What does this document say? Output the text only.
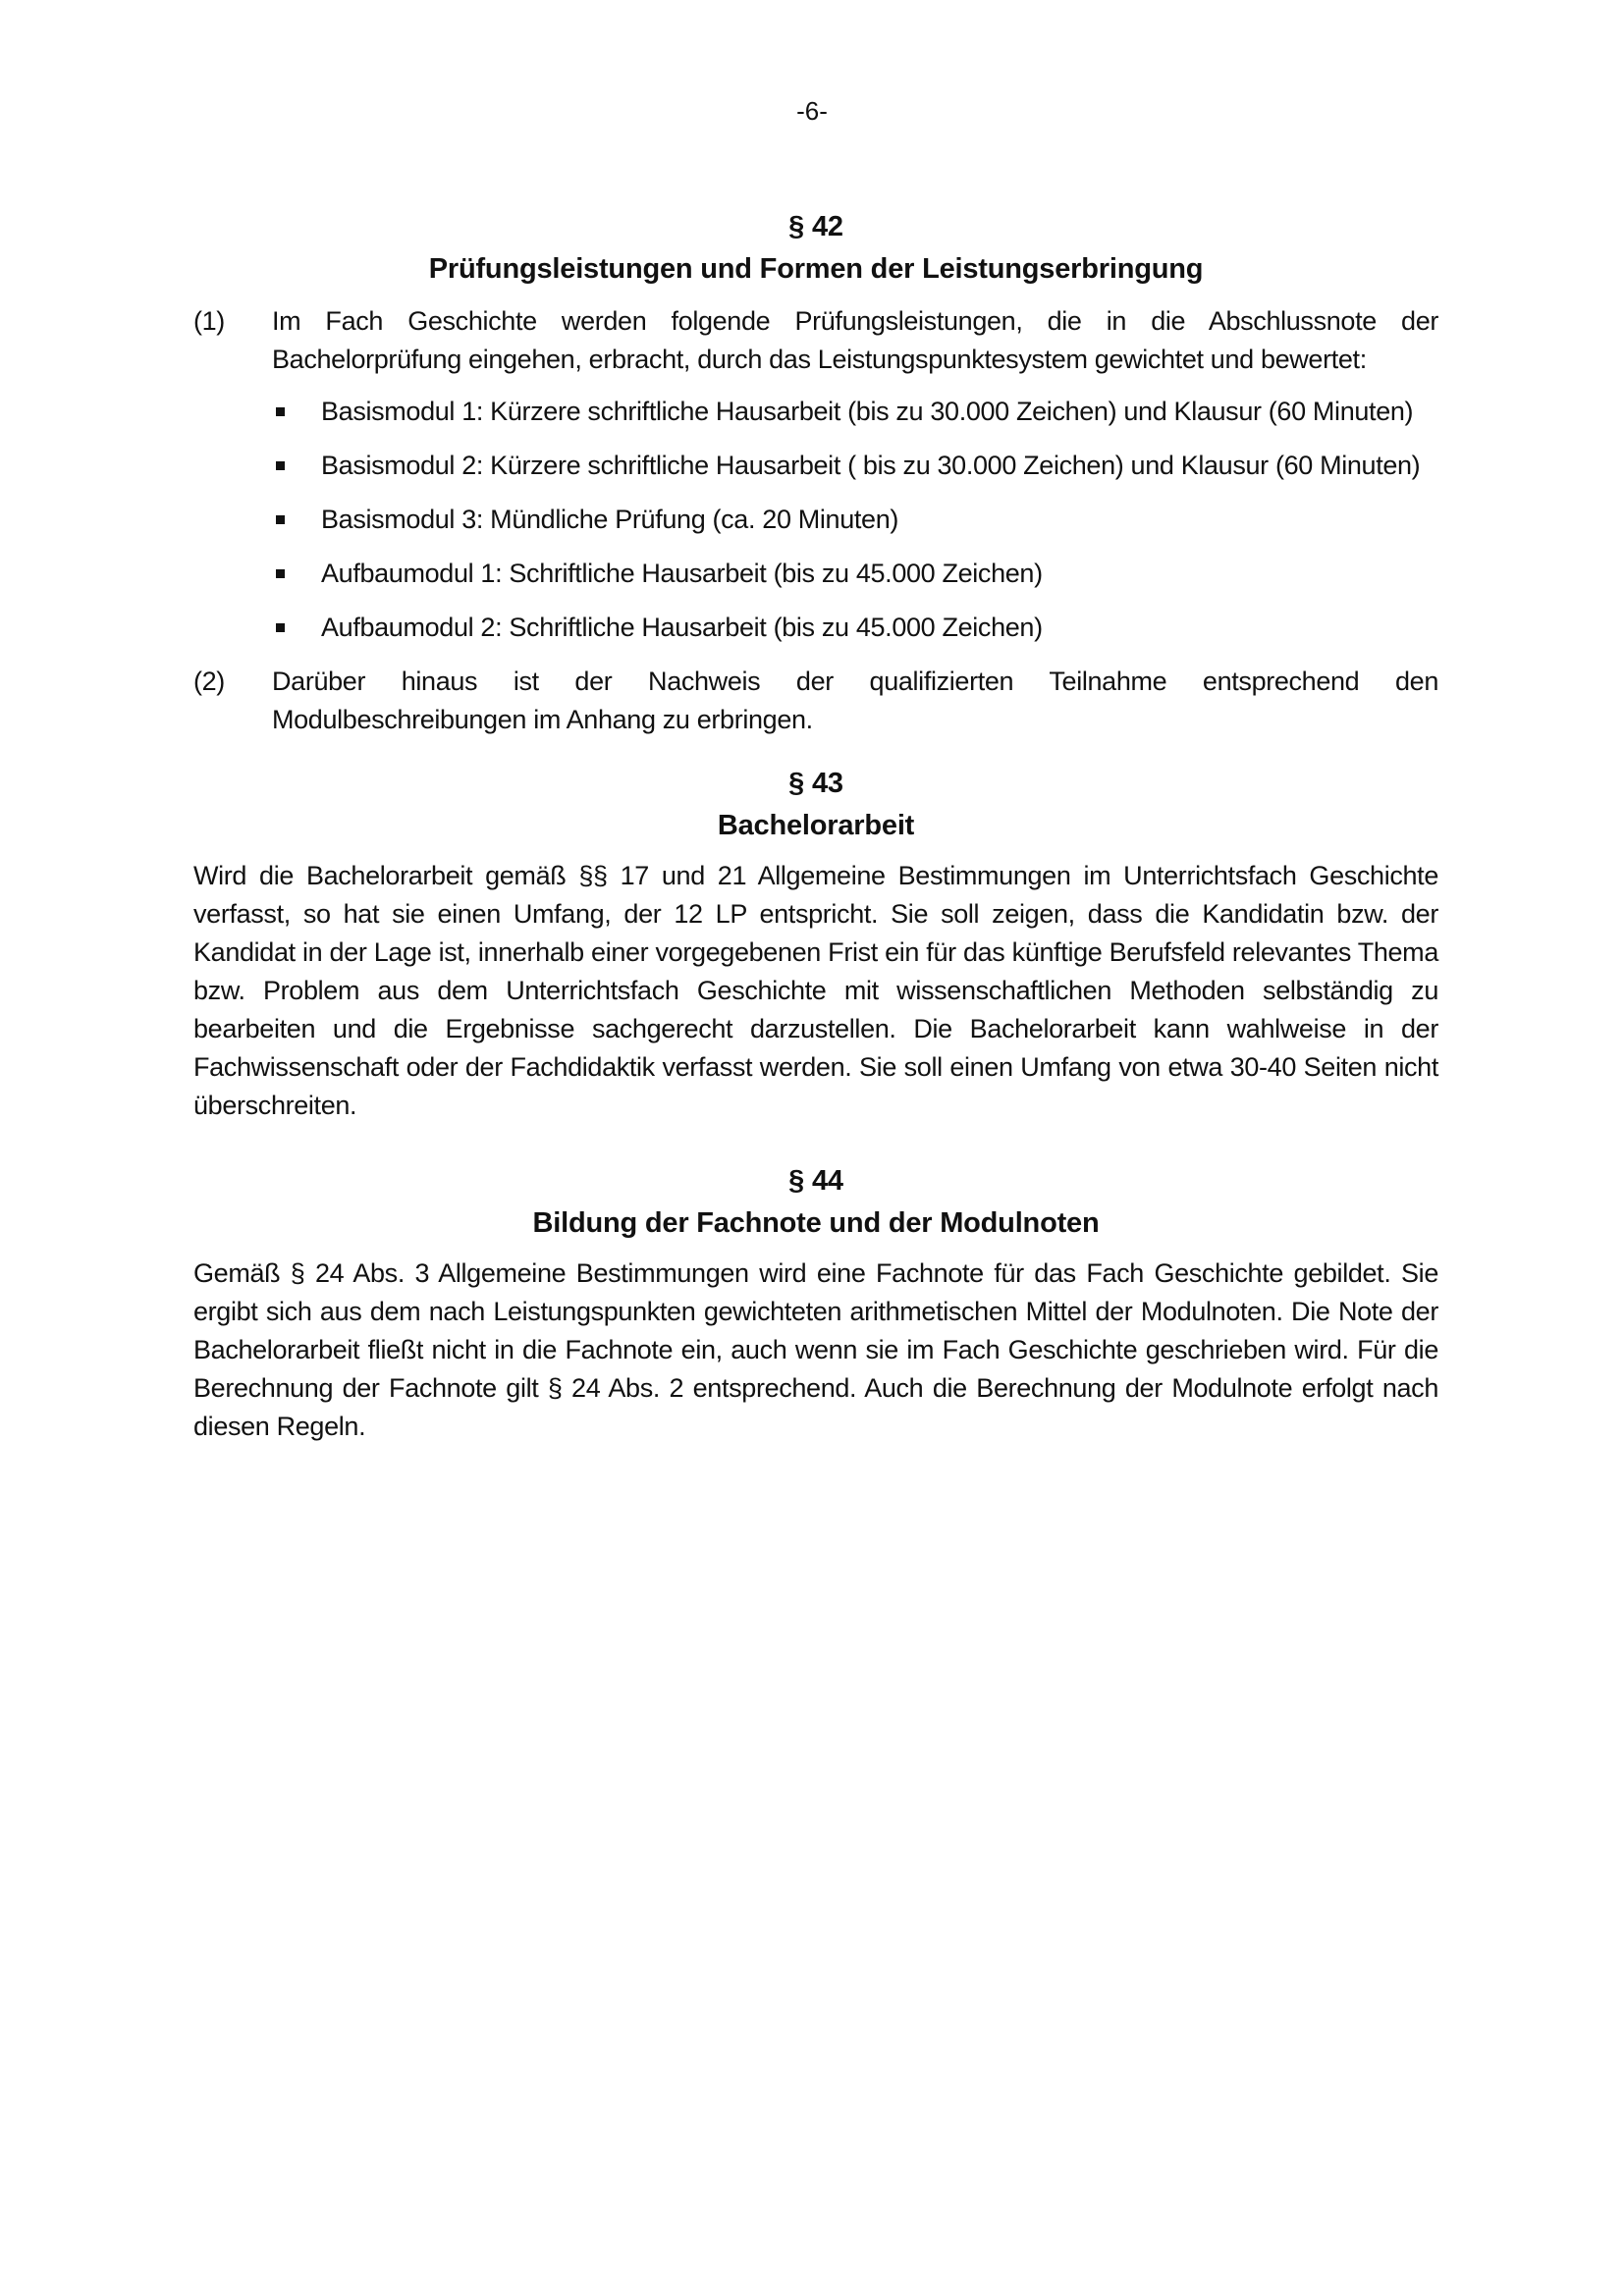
-6-
§ 42
Prüfungsleistungen und Formen der Leistungserbringung
(1)	Im Fach Geschichte werden folgende Prüfungsleistungen, die in die Abschlussnote der Bachelorprüfung eingehen, erbracht, durch das Leistungspunktesystem gewichtet und bewertet:
Basismodul 1: Kürzere schriftliche Hausarbeit (bis zu 30.000 Zeichen) und Klausur (60 Minuten)
Basismodul 2: Kürzere schriftliche Hausarbeit ( bis zu 30.000 Zeichen) und Klausur (60 Minuten)
Basismodul 3: Mündliche Prüfung (ca. 20 Minuten)
Aufbaumodul 1: Schriftliche Hausarbeit (bis zu 45.000 Zeichen)
Aufbaumodul 2: Schriftliche Hausarbeit (bis zu 45.000 Zeichen)
(2)	Darüber hinaus ist der Nachweis der qualifizierten Teilnahme entsprechend den Modulbeschreibungen im Anhang zu erbringen.
§ 43
Bachelorarbeit
Wird die Bachelorarbeit gemäß §§ 17 und 21 Allgemeine Bestimmungen im Unterrichtsfach Geschichte verfasst, so hat sie einen Umfang, der 12 LP entspricht. Sie soll zeigen, dass die Kandidatin bzw. der Kandidat in der Lage ist, innerhalb einer vorgegebenen Frist ein für das künftige Berufsfeld relevantes Thema bzw. Problem aus dem Unterrichtsfach Geschichte mit wissenschaftlichen Methoden selbständig zu bearbeiten und die Ergebnisse sachgerecht darzustellen. Die Bachelorarbeit kann wahlweise in der Fachwissenschaft oder der Fachdidaktik verfasst werden. Sie soll einen Umfang von etwa 30-40 Seiten nicht überschreiten.
§ 44
Bildung der Fachnote und der Modulnoten
Gemäß § 24 Abs. 3 Allgemeine Bestimmungen wird eine Fachnote für das Fach Geschichte gebildet. Sie ergibt sich aus dem nach Leistungspunkten gewichteten arithmetischen Mittel der Modulnoten. Die Note der Bachelorarbeit fließt nicht in die Fachnote ein, auch wenn sie im Fach Geschichte geschrieben wird. Für die Berechnung der Fachnote gilt § 24 Abs. 2 entsprechend. Auch die Berechnung der Modulnote erfolgt nach diesen Regeln.
